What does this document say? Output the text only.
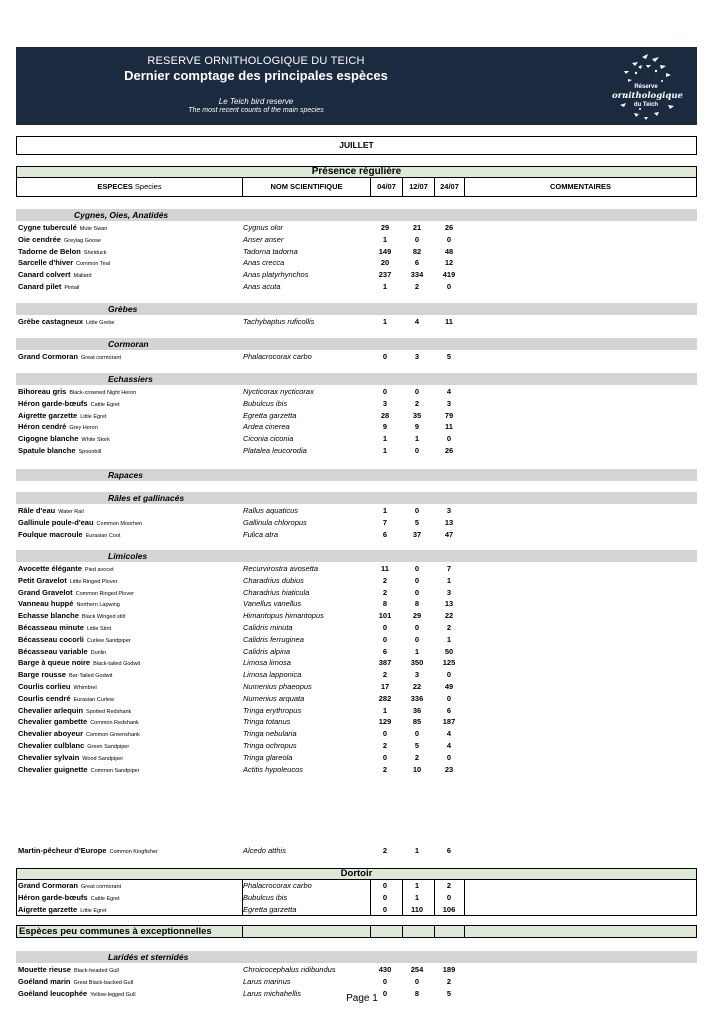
RESERVE ORNITHOLOGIQUE DU TEICH
Dernier comptage des principales espèces
Le Teich bird reserve
The most recent counts of the main species
Réserve
ornithologique
du Teich
JUILLET
Présence régulière
ESPECES Species	NOM SCIENTIFIQUE	04/07	12/07	24/07	COMMENTAIRES
Cygnes, Oies, Anatidés
Cygne tuberculé Mute Swan	Cygnus olor	29	21	26
Oie cendrée Greylag Goose	Anser anser	1	0	0
Tadorne de Belon Shelduck	Tadorna tadorna	149	82	48
Sarcelle d'hiver Common Teal	Anas crecca	20	6	12
Canard colvert Mallard	Anas platyrhynchos	237	334	419
Canard pilet Pintail	Anas acuta	1	2	0
Grèbes
Grèbe castagneux Little Grebe	Tachybaptus ruficollis	1	4	11
Cormoran
Grand Cormoran Great cormorant	Phalacrocorax carbo	0	3	5
Echassiers
Bihoreau gris Black-crowned Night Heron	Nycticorax nycticorax	0	0	4
Héron garde-bœufs Cattle Egret	Bubulcus ibis	3	2	3
Aigrette garzette Little Egret	Egretta garzetta	28	35	79
Héron cendré Grey Heron	Ardea cinerea	9	9	11
Cigogne blanche White Stork	Ciconia ciconia	1	1	0
Spatule blanche Spoonbill	Platalea leucorodia	1	0	26
Rapaces
Râles et gallinacés
Râle d'eau Water Rail	Rallus aquaticus	1	0	3
Gallinule poule-d'eau Common Moorhen	Gallinula chloropus	7	5	13
Foulque macroule Eurasian Coot	Fulica atra	6	37	47
Limicoles
Avocette élégante Pied avocet	Recurvirostra avosetta	11	0	7
Petit Gravelot Little Ringed Plover	Charadrius dubius	2	0	1
Grand Gravelot Common Ringed Plover	Charadrius hiaticula	2	0	3
Vanneau huppé Northern Lapwing	Vanellus vanellus	8	8	13
Echasse blanche Black Winged stilt	Himantopus himantopus	101	29	22
Bécasseau minute Little Stint	Calidris minuta	0	0	2
Bécasseau cocorli Curlew Sandpiper	Calidris ferruginea	0	0	1
Bécasseau variable Dunlin	Calidris alpina	6	1	50
Barge à queue noire Black-tailed Godwit	Limosa limosa	387	350	125
Barge rousse Bar-Tailed Godwit	Limosa lapponica	2	3	0
Courlis corlieu Whimbrel	Numenius phaeopus	17	22	49
Courlis cendré Eurasian Curlew	Numenius arquata	282	336	0
Chevalier arlequin Spotted Redshank	Tringa erythropus	1	36	6
Chevalier gambette Common Redshank	Tringa totanus	129	85	187
Chevalier aboyeur Common Greenshank	Tringa nebularia	0	0	4
Chevalier culblanc Green Sandpiper	Tringa ochropus	2	5	4
Chevalier sylvain Wood Sandpiper	Tringa glareola	0	2	0
Chevalier guignette Common Sandpiper	Actitis hypoleucos	2	10	23
Laridés et sternidés
Mouette rieuse Black-headed Gull	Chroicocephalus ridibundus	430	254	189
Goéland marin Great Black-backed Gull	Larus marinus	0	0	2
Goéland leucophée Yellow-legged Gull	Larus michahellis	0	8	5
Martin-pêcheur d'Europe Common Kingfisher	Alcedo atthis	2	1	6
Dortoir
Grand Cormoran Great cormorant	Phalacrocorax carbo	0	1	2
Héron garde-bœufs Cattle Egret	Bubulcus ibis	0	1	0
Aigrette garzette Little Egret	Egretta garzetta	0	110	106
Espèces peu communes à exceptionnelles
Page 1
